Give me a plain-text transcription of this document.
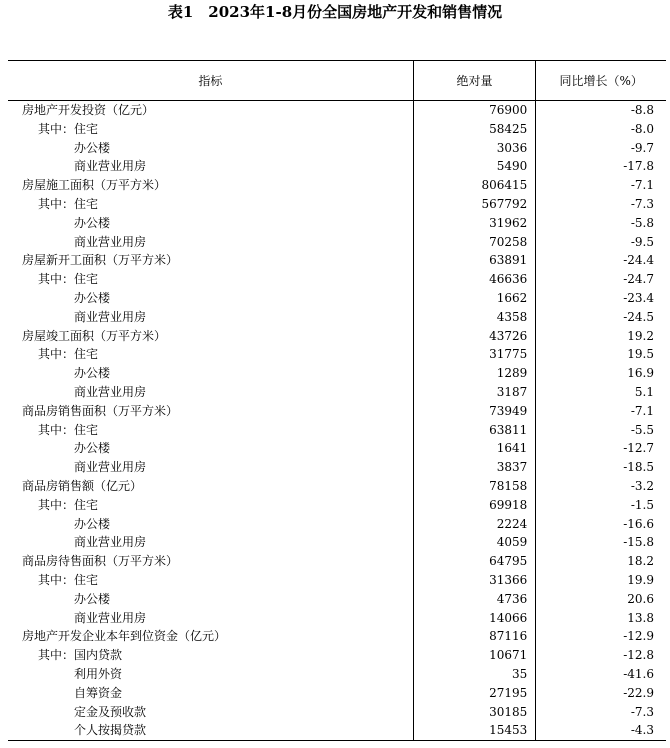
表1　2023年1-8月份全国房地产开发和销售情况
指标	绝对量	同比增长（%）
房地产开发投资（亿元）	76900	-8.8
其中：住宅	58425	-8.0
办公楼	3036	-9.7
商业营业用房	5490	-17.8
房屋施工面积（万平方米）	806415	-7.1
其中：住宅	567792	-7.3
办公楼	31962	-5.8
商业营业用房	70258	-9.5
房屋新开工面积（万平方米）	63891	-24.4
其中：住宅	46636	-24.7
办公楼	1662	-23.4
商业营业用房	4358	-24.5
房屋竣工面积（万平方米）	43726	19.2
其中：住宅	31775	19.5
办公楼	1289	16.9
商业营业用房	3187	5.1
商品房销售面积（万平方米）	73949	-7.1
其中：住宅	63811	-5.5
办公楼	1641	-12.7
商业营业用房	3837	-18.5
商品房销售额（亿元）	78158	-3.2
其中：住宅	69918	-1.5
办公楼	2224	-16.6
商业营业用房	4059	-15.8
商品房待售面积（万平方米）	64795	18.2
其中：住宅	31366	19.9
办公楼	4736	20.6
商业营业用房	14066	13.8
房地产开发企业本年到位资金（亿元）	87116	-12.9
其中：国内贷款	10671	-12.8
利用外资	35	-41.6
自筹资金	27195	-22.9
定金及预收款	30185	-7.3
个人按揭贷款	15453	-4.3
